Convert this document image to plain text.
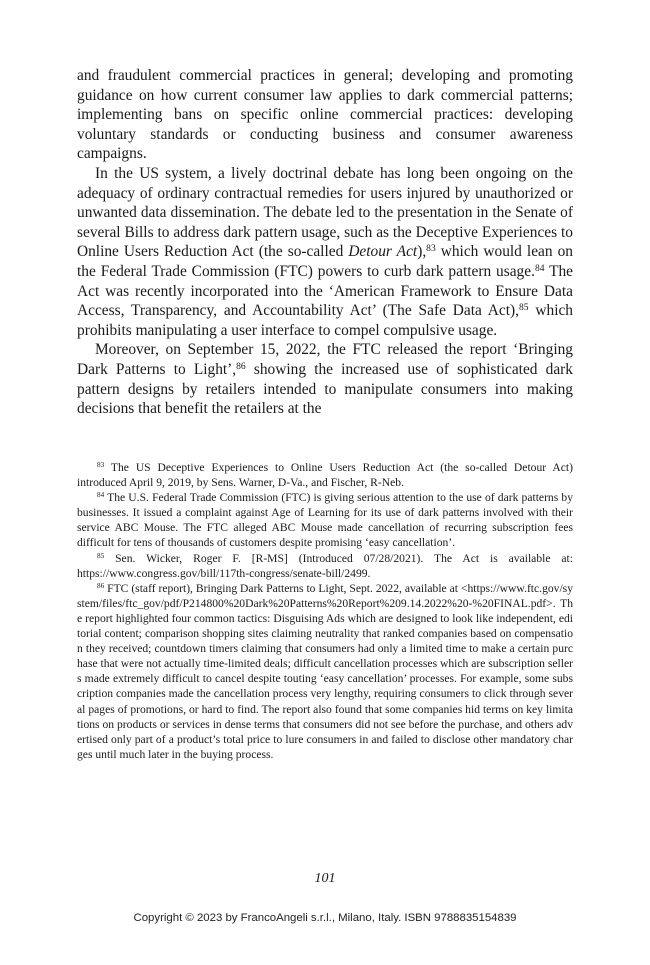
and fraudulent commercial practices in general; developing and promoting guidance on how current consumer law applies to dark commercial patterns; implementing bans on specific online commercial practices: developing voluntary standards or conducting business and consumer awareness campaigns.

In the US system, a lively doctrinal debate has long been ongoing on the adequacy of ordinary contractual remedies for users injured by unauthorized or unwanted data dissemination. The debate led to the presentation in the Senate of several Bills to address dark pattern usage, such as the Deceptive Experiences to Online Users Reduction Act (the so-called Detour Act),$^{83}$ which would lean on the Federal Trade Commission (FTC) powers to curb dark pattern usage.$^{84}$ The Act was recently incorporated into the ‘American Framework to Ensure Data Access, Transparency, and Accountability Act’ (The Safe Data Act),$^{85}$ which prohibits manipulating a user interface to compel compulsive usage.

Moreover, on September 15, 2022, the FTC released the report ‘Bringing Dark Patterns to Light’,$^{86}$ showing the increased use of sophisticated dark pattern designs by retailers intended to manipulate consumers into making decisions that benefit the retailers at the

$^{83}$ The US Deceptive Experiences to Online Users Reduction Act (the so-called Detour Act) introduced April 9, 2019, by Sens. Warner, D-Va., and Fischer, R-Neb.

$^{84}$ The U.S. Federal Trade Commission (FTC) is giving serious attention to the use of dark patterns by businesses. It issued a complaint against Age of Learning for its use of dark patterns involved with their service ABC Mouse. The FTC alleged ABC Mouse made cancellation of recurring subscription fees difficult for tens of thousands of customers despite promising ‘easy cancellation’.

$^{85}$ Sen. Wicker, Roger F. [R-MS] (Introduced 07/28/2021). The Act is available at: https://www.congress.gov/bill/117th-congress/senate-bill/2499.

$^{86}$ FTC (staff report), Bringing Dark Patterns to Light, Sept. 2022, available at <https://www.ftc.gov/system/files/ftc_gov/pdf/P214800%20Dark%20Patterns%20Report%209.14.2022%20-%20FINAL.pdf>. The report highlighted four common tactics: Disguising Ads which are designed to look like independent, editorial content; comparison shopping sites claiming neutrality that ranked companies based on compensation they received; countdown timers claiming that consumers had only a limited time to make a certain purchase that were not actually time-limited deals; difficult cancellation processes which are subscription sellers made extremely difficult to cancel despite touting ‘easy cancellation’ processes. For example, some subscription companies made the cancellation process very lengthy, requiring consumers to click through several pages of promotions, or hard to find. The report also found that some companies hid terms on key limitations on products or services in dense terms that consumers did not see before the purchase, and others advertised only part of a product’s total price to lure consumers in and failed to disclose other mandatory charges until much later in the buying process.

101
Copyright © 2023 by FrancoAngeli s.r.l., Milano, Italy. ISBN 9788835154839
